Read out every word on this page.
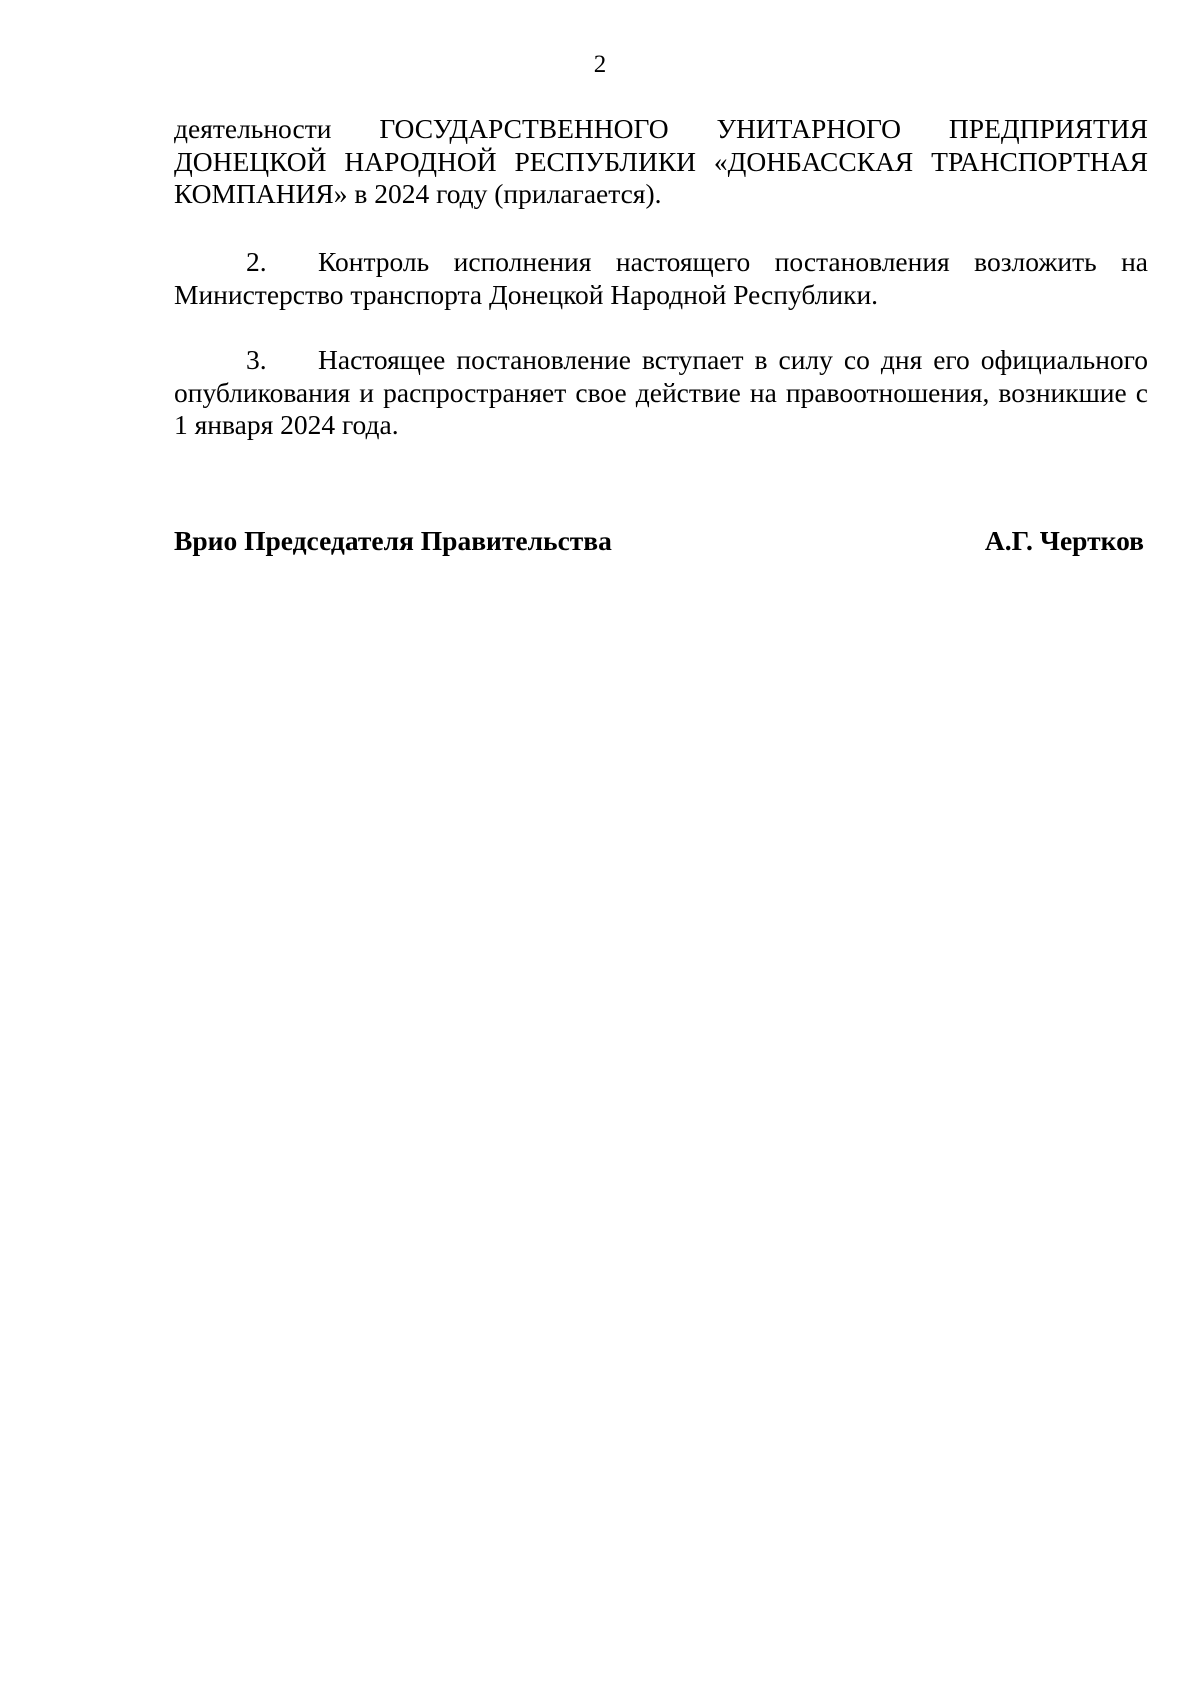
2

деятельности ГОСУДАРСТВЕННОГО УНИТАРНОГО ПРЕДПРИЯТИЯ ДОНЕЦКОЙ НАРОДНОЙ РЕСПУБЛИКИ «ДОНБАССКАЯ ТРАНСПОРТНАЯ КОМПАНИЯ» в 2024 году (прилагается).

2. Контроль исполнения настоящего постановления возложить на Министерство транспорта Донецкой Народной Республики.

3. Настоящее постановление вступает в силу со дня его официального опубликования и распространяет свое действие на правоотношения, возникшие с 1 января 2024 года.

Врио Председателя Правительства	А.Г. Чертков
